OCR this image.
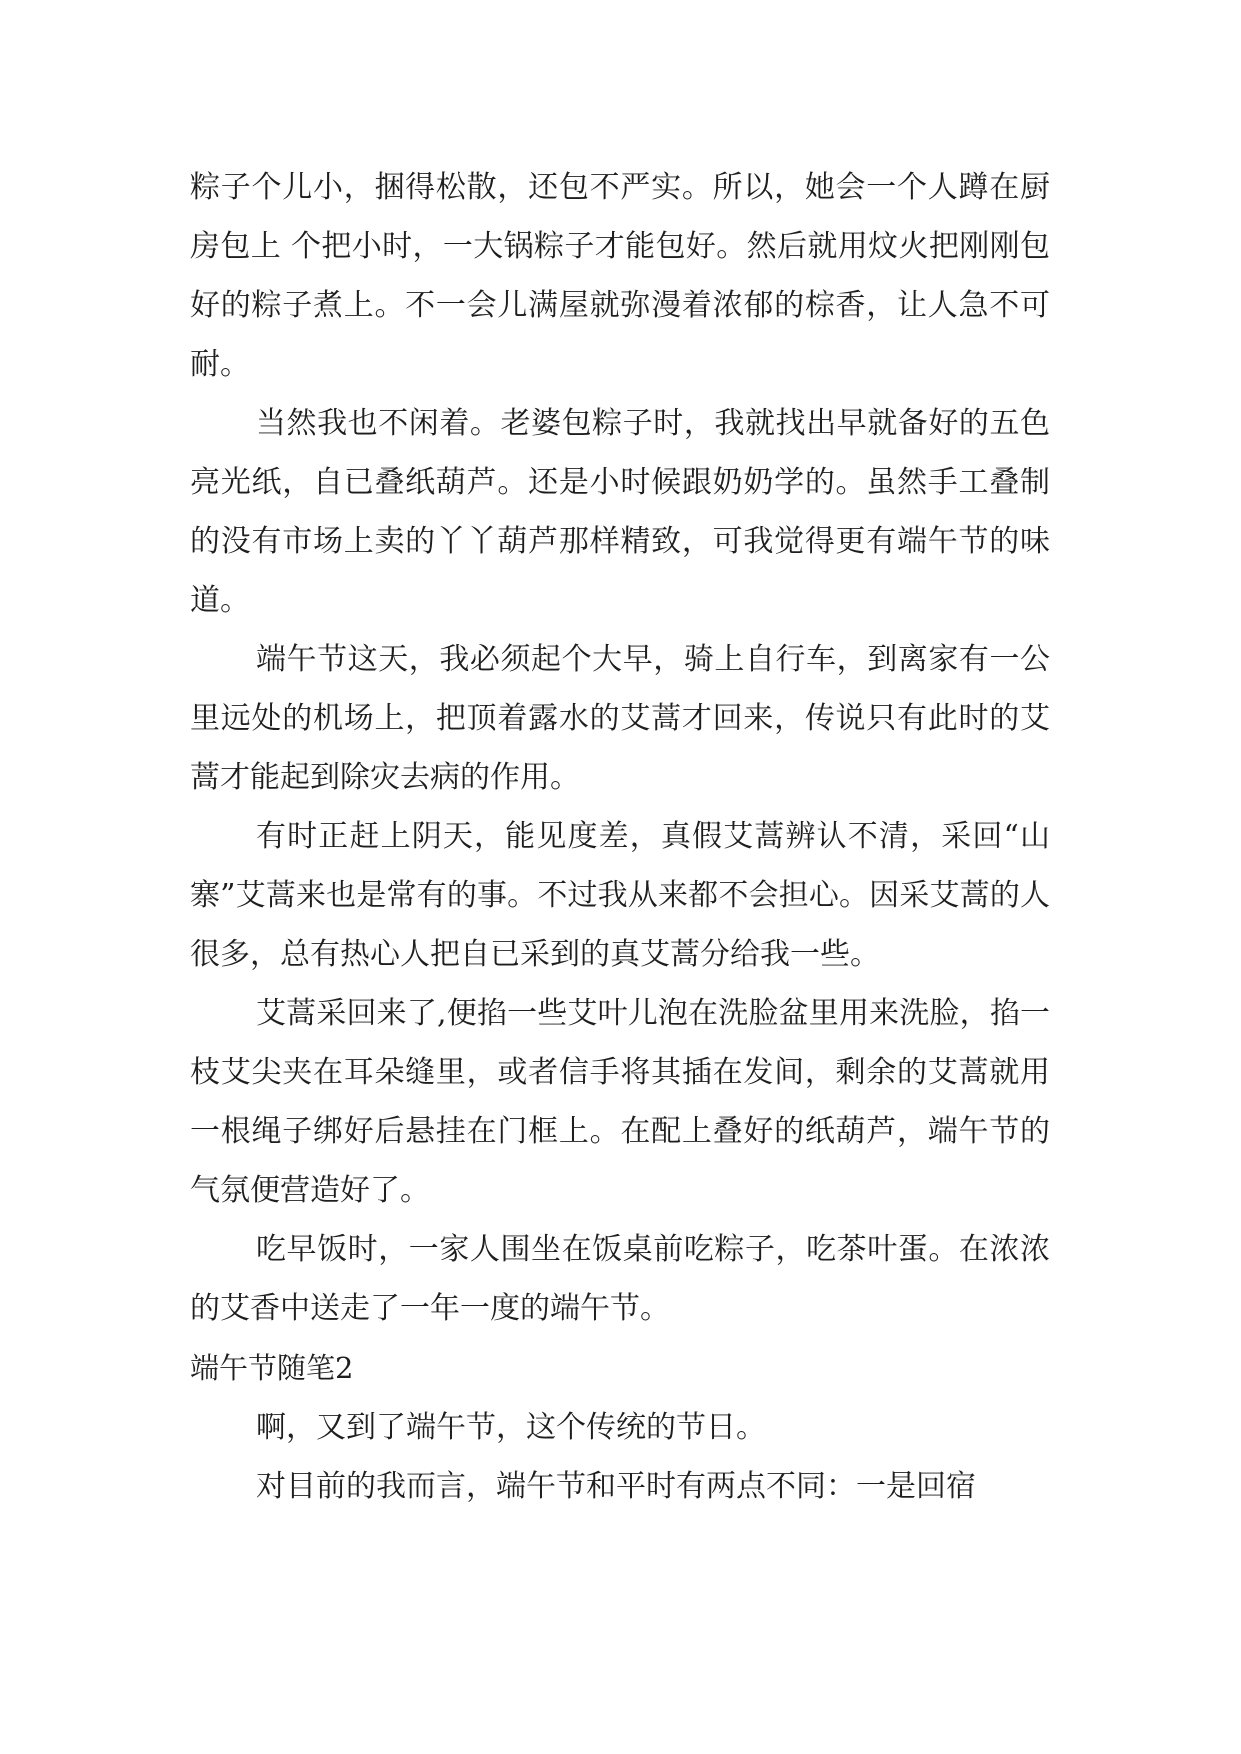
粽子个儿小，捆得松散，还包不严实。所以，她会一个人蹲在厨房包上 个把小时，一大锅粽子才能包好。然后就用炆火把刚刚包好的粽子煮上。不一会儿满屋就弥漫着浓郁的棕香，让人急不可耐。

当然我也不闲着。老婆包粽子时，我就找出早就备好的五色亮光纸，自已叠纸葫芦。还是小时候跟奶奶学的。虽然手工叠制的没有市场上卖的丫丫葫芦那样精致，可我觉得更有端午节的味道。

端午节这天，我必须起个大早，骑上自行车，到离家有一公里远处的机场上，把顶着露水的艾蒿才回来，传说只有此时的艾蒿才能起到除灾去病的作用。

有时正赶上阴天，能见度差，真假艾蒿辨认不清，采回“山寨”艾蒿来也是常有的事。不过我从来都不会担心。因采艾蒿的人很多，总有热心人把自已采到的真艾蒿分给我一些。

艾蒿采回来了,便掐一些艾叶儿泡在洗脸盆里用来洗脸，掐一枝艾尖夹在耳朵缝里，或者信手将其插在发间，剩余的艾蒿就用一根绳子绑好后悬挂在门框上。在配上叠好的纸葫芦，端午节的气氛便营造好了。

吃早饭时，一家人围坐在饭桌前吃粽子，吃茶叶蛋。在浓浓的艾香中送走了一年一度的端午节。

端午节随笔2

啊，又到了端午节，这个传统的节日。

对目前的我而言，端午节和平时有两点不同：一是回宿
